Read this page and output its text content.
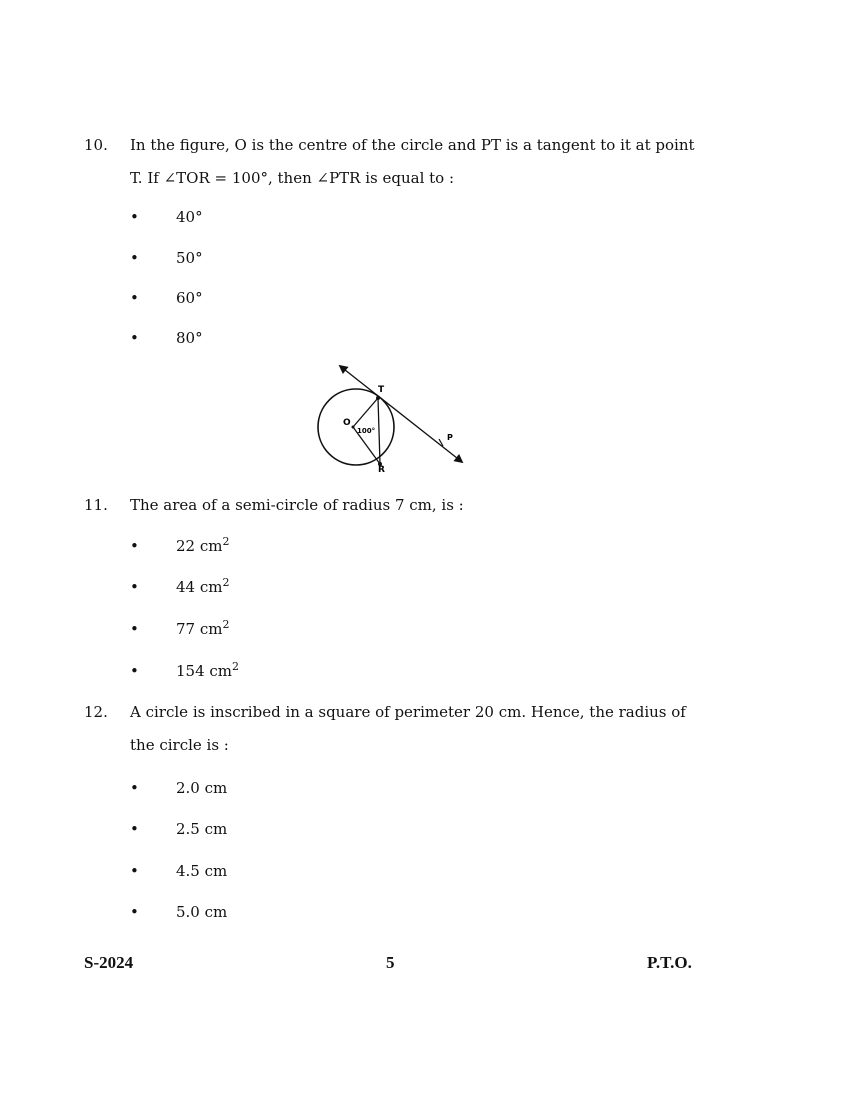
10. In the figure, O is the centre of the circle and PT is a tangent to it at point
T. If ∠TOR = 100°, then ∠PTR is equal to :
• 40°
• 50°
• 60°
• 80°
T
O
R
P
100°
11. The area of a semi-circle of radius 7 cm, is :
• 22 $cm^2$
• 44 $cm^2$
• 77 $cm^2$
• 154 $cm^2$
12. A circle is inscribed in a square of perimeter 20 cm. Hence, the radius of
the circle is :
• 2.0 cm
• 2.5 cm
• 4.5 cm
• 5.0 cm
S-2024	5	P.T.O.
